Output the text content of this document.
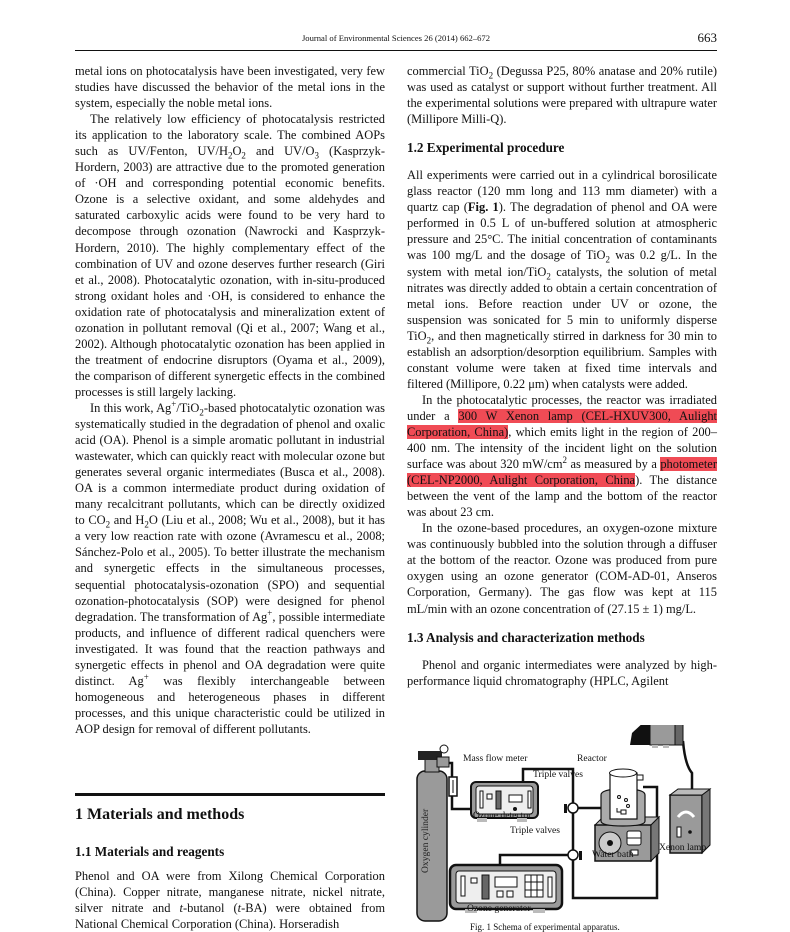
Journal of Environmental Sciences 26 (2014) 662–672	663

metal ions on photocatalysis have been investigated, very few studies have discussed the behavior of the metal ions in the system, especially the noble metal ions.

The relatively low efficiency of photocatalysis restricted its application to the laboratory scale. The combined AOPs such as UV/Fenton, $UV/H_2O_2$ and $UV/O_3$ (Kasprzyk-Hordern, 2003) are attractive due to the promoted generation of ·OH and corresponding potential economic benefits. Ozone is a selective oxidant, and some aldehydes and saturated carboxylic acids were found to be very hard to decompose through ozonation (Nawrocki and Kasprzyk-Hordern, 2010). The highly complementary effect of the combination of UV and ozone deserves further research (Giri et al., 2008). Photocatalytic ozonation, with in-situ-produced strong oxidant holes and ·OH, is considered to enhance the oxidation rate of photocatalysis and mineralization extent of ozonation in pollutant removal (Qi et al., 2007; Wang et al., 2002). Although photocatalytic ozonation has been applied in the treatment of endocrine disruptors (Oyama et al., 2009), the comparison of different synergetic effects in the combined processes is still largely lacking.

In this work, Ag+/TiO$_2$-based photocatalytic ozonation was systematically studied in the degradation of phenol and oxalic acid (OA). Phenol is a simple aromatic pollutant in industrial wastewater, which can quickly react with molecular ozone but generates several organic intermediates (Busca et al., 2008). OA is a common intermediate product during oxidation of many recalcitrant pollutants, which can be directly oxidized to $CO_2$ and $H_2O$ (Liu et al., 2008; Wu et al., 2008), but it has a very low reaction rate with ozone (Avramescu et al., 2008; Sánchez-Polo et al., 2005). To better illustrate the mechanism and synergetic effects in the simultaneous processes, sequential photocatalysis-ozonation (SPO) and sequential ozonation-photocatalysis (SOP) were designed for phenol degradation. The transformation of Ag+, possible intermediate products, and influence of different radical quenchers were investigated. It was found that the reaction pathways and synergetic effects in phenol and OA degradation were quite distinct. Ag+ was flexibly interchangeable between homogeneous and heterogeneous phases in different processes, and this unique characteristic could be utilized in AOP design for removal of different pollutants.

1 Materials and methods
1.1 Materials and reagents
Phenol and OA were from Xilong Chemical Corporation (China). Copper nitrate, manganese nitrate, nickel nitrate, silver nitrate and t-butanol (t-BA) were obtained from National Chemical Corporation (China). Horseradish

commercial TiO$_2$ (Degussa P25, 80% anatase and 20% rutile) was used as catalyst or support without further treatment. All the experimental solutions were prepared with ultrapure water (Millipore Milli-Q).

1.2 Experimental procedure

All experiments were carried out in a cylindrical borosilicate glass reactor (120 mm long and 113 mm diameter) with a quartz cap (Fig. 1). The degradation of phenol and OA were performed in 0.5 L of un-buffered solution at atmospheric pressure and 25°C. The initial concentration of contaminants was 100 mg/L and the dosage of TiO$_2$ was 0.2 g/L. In the system with metal ion/TiO$_2$ catalysts, the solution of metal nitrates was directly added to obtain a certain concentration of metal ions. Before reaction under UV or ozone, the suspension was sonicated for 5 min to uniformly disperse TiO$_2$, and then magnetically stirred in darkness for 30 min to establish an adsorption/desorption equilibrium. Samples with constant volume were taken at fixed time intervals and filtered (Millipore, 0.22 μm) when catalysts were added.

In the photocatalytic processes, the reactor was irradiated under a 300 W Xenon lamp (CEL-HXUV300, Aulight Corporation, China), which emits light in the region of 200–400 nm. The intensity of the incident light on the solution surface was about 320 $mW/cm^2$ as measured by a photometer (CEL-NP2000, Aulight Corporation, China). The distance between the vent of the lamp and the bottom of the reactor was about 23 cm.

In the ozone-based procedures, an oxygen-ozone mixture was continuously bubbled into the solution through a diffuser at the bottom of the reactor. Ozone was produced from pure oxygen using an ozone generator (COM-AD-01, Anseros Corporation, Germany). The gas flow was kept at 115 mL/min with an ozone concentration of (27.15 ± 1) mg/L.

1.3 Analysis and characterization methods

Phenol and organic intermediates were analyzed by high-performance liquid chromatography (HPLC, Agilent

Mass flow meter	Reactor
Triple valves
Ozone detector
Triple valves
Water bath
Xenon lamp
Ozone generator
Oxygen cylinder
Fig. 1 Schema of experimental apparatus.
